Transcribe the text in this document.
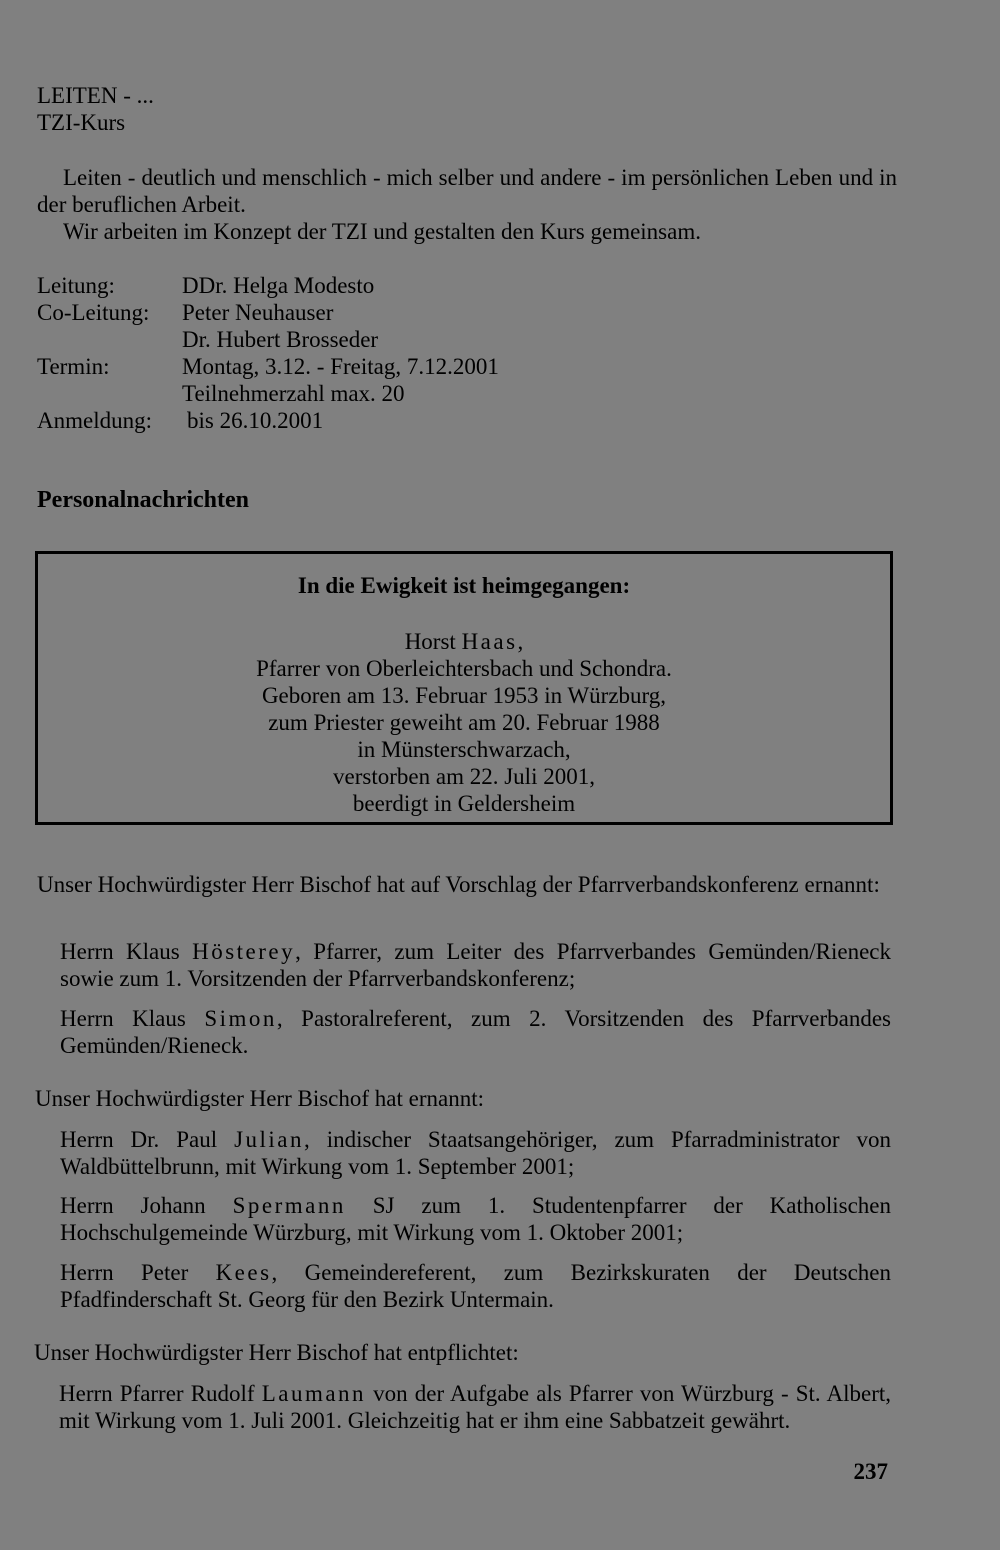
LEITEN - ...
TZI-Kurs
Leiten - deutlich und menschlich - mich selber und andere - im persönlichen Leben und in der beruflichen Arbeit.
Wir arbeiten im Konzept der TZI und gestalten den Kurs gemeinsam.
Leitung:	DDr. Helga Modesto
Co-Leitung: Peter Neuhauser
Dr. Hubert Brosseder
Termin:	Montag, 3.12. - Freitag, 7.12.2001
Teilnehmerzahl max. 20
Anmeldung: bis 26.10.2001
Personalnachrichten
In die Ewigkeit ist heimgegangen:
Horst Haas,
Pfarrer von Oberleichtersbach und Schondra.
Geboren am 13. Februar 1953 in Würzburg,
zum Priester geweiht am 20. Februar 1988
in Münsterschwarzach,
verstorben am 22. Juli 2001,
beerdigt in Geldersheim
Unser Hochwürdigster Herr Bischof hat auf Vorschlag der Pfarrverbandskonferenz ernannt:
Herrn Klaus Hösterey, Pfarrer, zum Leiter des Pfarrverbandes Gemünden/Rieneck sowie zum 1. Vorsitzenden der Pfarrverbandskonferenz;
Herrn Klaus Simon, Pastoralreferent, zum 2. Vorsitzenden des Pfarrverbandes Gemünden/Rieneck.
Unser Hochwürdigster Herr Bischof hat ernannt:
Herrn Dr. Paul Julian, indischer Staatsangehöriger, zum Pfarradministrator von Waldbüttelbrunn, mit Wirkung vom 1. September 2001;
Herrn Johann Spermann SJ zum 1. Studentenpfarrer der Katholischen Hochschulgemeinde Würzburg, mit Wirkung vom 1. Oktober 2001;
Herrn Peter Kees, Gemeindereferent, zum Bezirkskuraten der Deutschen Pfadfinderschaft St. Georg für den Bezirk Untermain.
Unser Hochwürdigster Herr Bischof hat entpflichtet:
Herrn Pfarrer Rudolf Laumann von der Aufgabe als Pfarrer von Würzburg - St. Albert, mit Wirkung vom 1. Juli 2001. Gleichzeitig hat er ihm eine Sabbatzeit gewährt.
237
